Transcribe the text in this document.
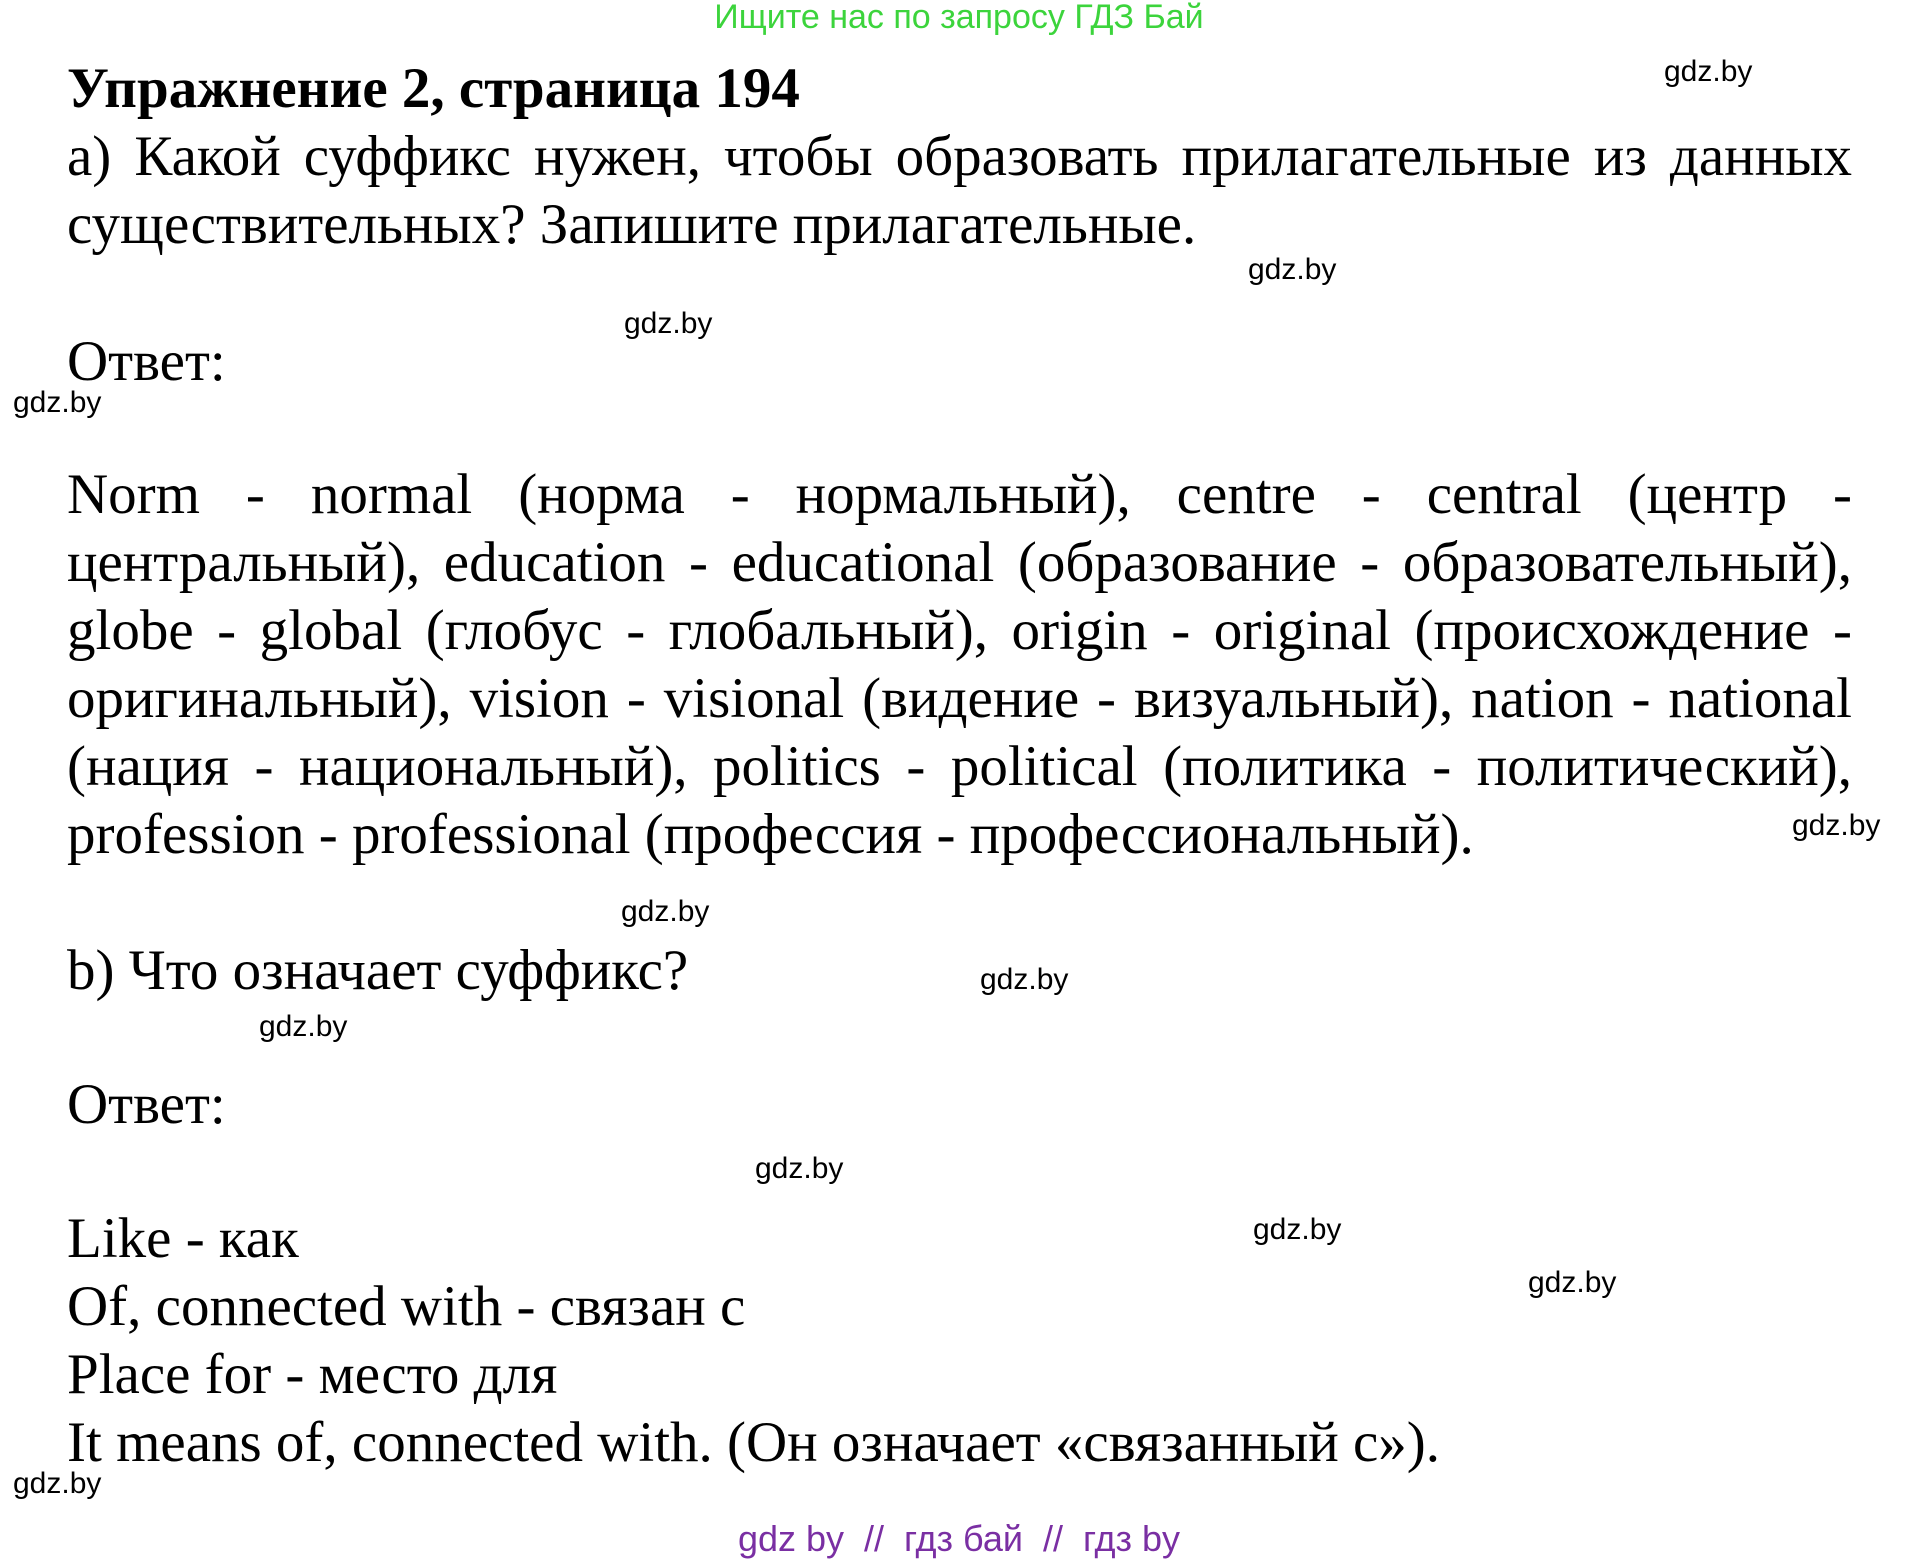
Ищите нас по запросу ГДЗ Бай
Упражнение 2, страница 194
а) Какой суффикс нужен, чтобы образовать прилагательные из данных
существительных? Запишите прилагательные.
Ответ:
Norm - normal (норма - нормальный), centre - central (центр -
центральный), education - educational (образование - образовательный),
globe - global (глобус - глобальный), origin - original (происхождение -
оригинальный), vision - visional (видение - визуальный), nation - national
(нация - национальный), politics - political (политика - политический),
profession - professional (профессия - профессиональный).
b) Что означает суффикс?
Ответ:
Like - как
Of, connected with - связан с
Place for - место для
It means of, connected with. (Он означает «связанный с»).
gdz.by
gdz.by
gdz.by
gdz.by
gdz.by
gdz.by
gdz.by
gdz.by
gdz.by
gdz.by
gdz.by
gdz.by
gdz by  //  гдз бай  //  гдз by
